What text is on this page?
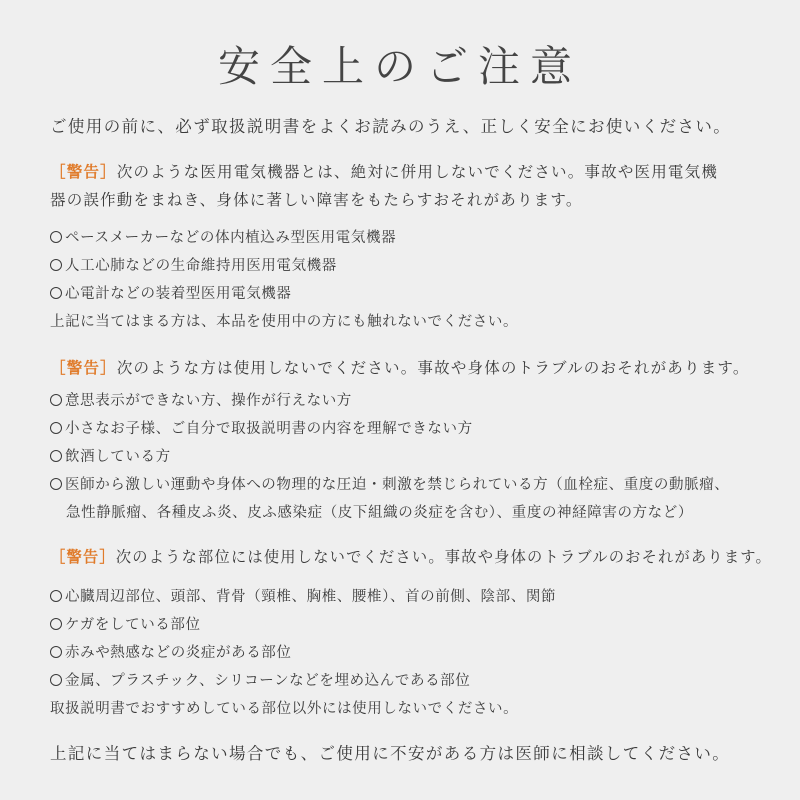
安全上のご注意

ご使用の前に、必ず取扱説明書をよくお読みのうえ、正しく安全にお使いください。

［警告］次のような医用電気機器とは、絶対に併用しないでください。事故や医用電気機

器の誤作動をまねき、身体に著しい障害をもたらすおそれがあります。

ペースメーカーなどの体内植込み型医用電気機器

人工心肺などの生命維持用医用電気機器

心電計などの装着型医用電気機器

上記に当てはまる方は、本品を使用中の方にも触れないでください。

［警告］次のような方は使用しないでください。事故や身体のトラブルのおそれがあります。

意思表示ができない方、操作が行えない方

小さなお子様、ご自分で取扱説明書の内容を理解できない方

飲酒している方

医師から激しい運動や身体への物理的な圧迫・刺激を禁じられている方（血栓症、重度の動脈瘤、

急性静脈瘤、各種皮ふ炎、皮ふ感染症（皮下組織の炎症を含む）、重度の神経障害の方など）

［警告］次のような部位には使用しないでください。事故や身体のトラブルのおそれがあります。

心臓周辺部位、頭部、背骨（頸椎、胸椎、腰椎）、首の前側、陰部、関節

ケガをしている部位

赤みや熱感などの炎症がある部位

金属、プラスチック、シリコーンなどを埋め込んである部位

取扱説明書でおすすめしている部位以外には使用しないでください。

上記に当てはまらない場合でも、ご使用に不安がある方は医師に相談してください。
